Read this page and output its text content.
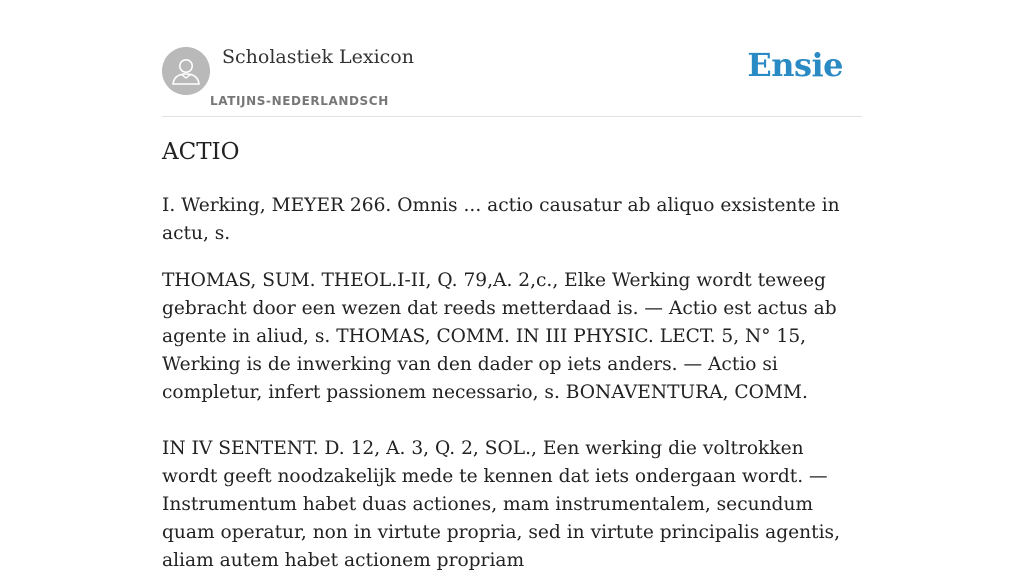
Scholastiek Lexicon
LATIJNS-NEDERLANDSCH
Ensie
ACTIO

I. Werking, MEYER 266. Omnis ... actio causatur ab aliquo exsistente in actu, s.

THOMAS, SUM. THEOL.I-II, Q. 79,A. 2,c., Elke Werking wordt teweeg gebracht door een wezen dat reeds metterdaad is. — Actio est actus ab agente in aliud, s. THOMAS, COMM. IN III PHYSIC. LECT. 5, N° 15, Werking is de inwerking van den dader op iets anders. — Actio si completur, infert passionem necessario, s. BONAVENTURA, COMM.

IN IV SENTENT. D. 12, A. 3, Q. 2, SOL., Een werking die voltrokken wordt geeft noodzakelijk mede te kennen dat iets ondergaan wordt. — Instrumentum habet duas actiones, mam instrumentalem, secundum quam operatur, non in virtute propria, sed in virtute principalis agentis, aliam autem habet actionem propriam
